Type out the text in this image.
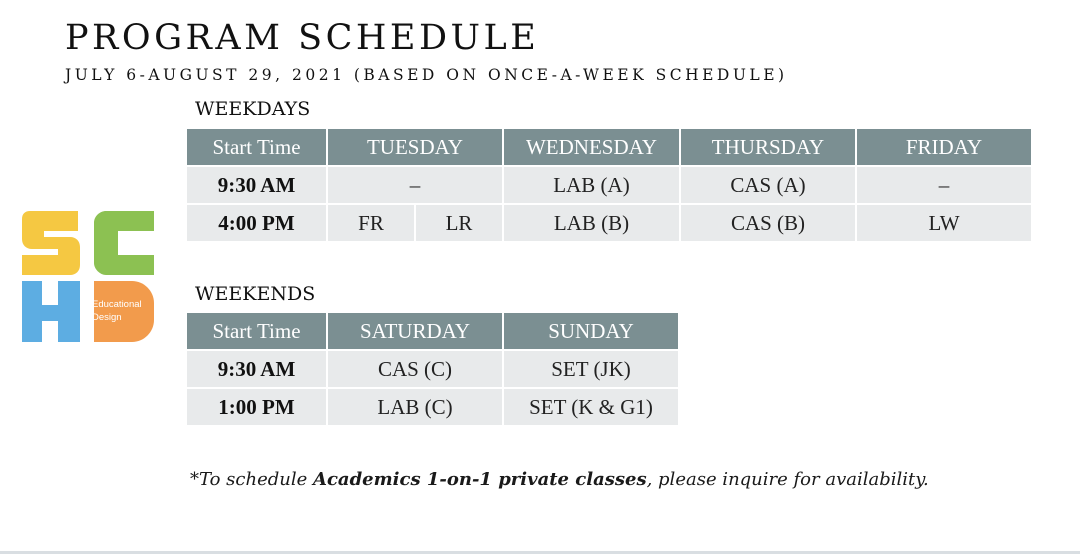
PROGRAM SCHEDULE
JULY 6-AUGUST 29, 2021 (BASED ON ONCE-A-WEEK SCHEDULE)
Educational
Design
WEEKDAYS
Start Time	TUESDAY		WEDNESDAY	THURSDAY	FRIDAY
9:30 AM	–		LAB (A)	CAS (A)	–
4:00 PM	FR	LR	LAB (B)	CAS (B)	LW
WEEKENDS
Start Time	SATURDAY	SUNDAY
9:30 AM	CAS (C)	SET (JK)
1:00 PM	LAB (C)	SET (K & G1)
*To schedule Academics 1-on-1 private classes, please inquire for availability.
